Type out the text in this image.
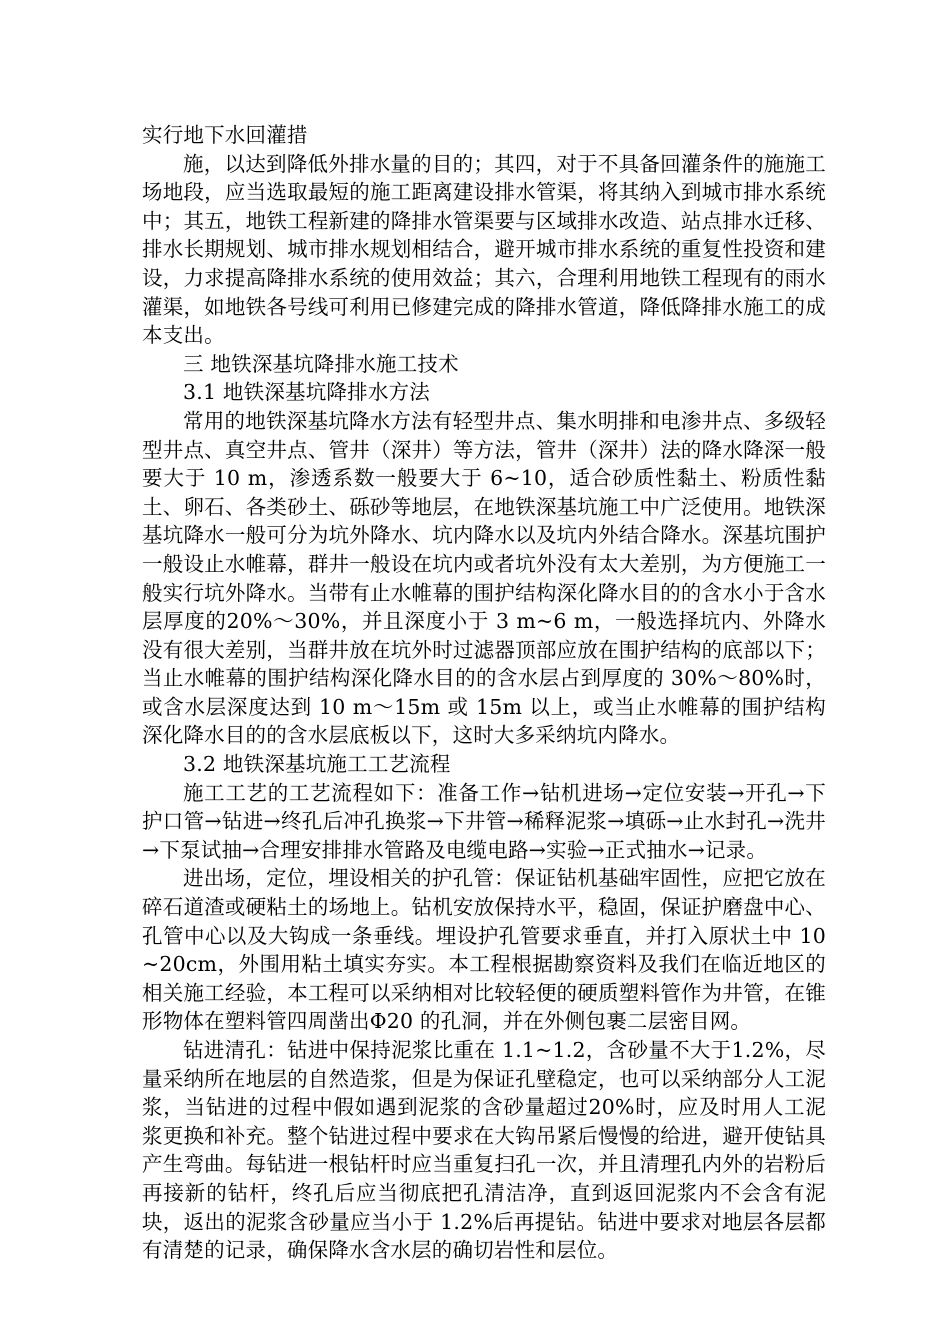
实行地下水回灌措

施，以达到降低外排水量的目的；其四，对于不具备回灌条件的施施工场地段，应当选取最短的施工距离建设排水管渠，将其纳入到城市排水系统中；其五，地铁工程新建的降排水管渠要与区域排水改造、站点排水迁移、排水长期规划、城市排水规划相结合，避开城市排水系统的重复性投资和建设，力求提高降排水系统的使用效益；其六，合理利用地铁工程现有的雨水灌渠，如地铁各号线可利用已修建完成的降排水管道，降低降排水施工的成本支出。

三 地铁深基坑降排水施工技术

3.1 地铁深基坑降排水方法

常用的地铁深基坑降水方法有轻型井点、集水明排和电渗井点、多级轻型井点、真空井点、管井（深井）等方法，管井（深井）法的降水降深一般要大于 10 m，渗透系数一般要大于 6~10，适合砂质性黏土、粉质性黏土、卵石、各类砂土、砾砂等地层，在地铁深基坑施工中广泛使用。地铁深基坑降水一般可分为坑外降水、坑内降水以及坑内外结合降水。深基坑围护一般设止水帷幕，群井一般设在坑内或者坑外没有太大差别，为方便施工一般实行坑外降水。当带有止水帷幕的围护结构深化降水目的的含水小于含水层厚度的20%～30%，并且深度小于 3 m~6 m，一般选择坑内、外降水没有很大差别，当群井放在坑外时过滤器顶部应放在围护结构的底部以下；当止水帷幕的围护结构深化降水目的的含水层占到厚度的 30%～80%时，或含水层深度达到 10 m～15m 或 15m 以上，或当止水帷幕的围护结构深化降水目的的含水层底板以下，这时大多采纳坑内降水。

3.2 地铁深基坑施工工艺流程

施工工艺的工艺流程如下：准备工作→钻机进场→定位安装→开孔→下护口管→钻进→终孔后冲孔换浆→下井管→稀释泥浆→填砾→止水封孔→洗井→下泵试抽→合理安排排水管路及电缆电路→实验→正式抽水→记录。

进出场，定位，埋设相关的护孔管：保证钻机基础牢固性，应把它放在碎石道渣或硬粘土的场地上。钻机安放保持水平，稳固，保证护磨盘中心、孔管中心以及大钩成一条垂线。埋设护孔管要求垂直，并打入原状土中 10~20cm，外围用粘土填实夯实。本工程根据勘察资料及我们在临近地区的相关施工经验，本工程可以采纳相对比较轻便的硬质塑料管作为井管，在锥形物体在塑料管四周凿出Φ20 的孔洞，并在外侧包裹二层密目网。

钻进清孔：钻进中保持泥浆比重在 1.1~1.2，含砂量不大于1.2%，尽量采纳所在地层的自然造浆，但是为保证孔壁稳定，也可以采纳部分人工泥浆，当钻进的过程中假如遇到泥浆的含砂量超过20%时，应及时用人工泥浆更换和补充。整个钻进过程中要求在大钩吊紧后慢慢的给进，避开使钻具产生弯曲。每钻进一根钻杆时应当重复扫孔一次，并且清理孔内外的岩粉后再接新的钻杆，终孔后应当彻底把孔清洁净，直到返回泥浆内不会含有泥块，返出的泥浆含砂量应当小于 1.2%后再提钻。钻进中要求对地层各层都有清楚的记录，确保降水含水层的确切岩性和层位。
